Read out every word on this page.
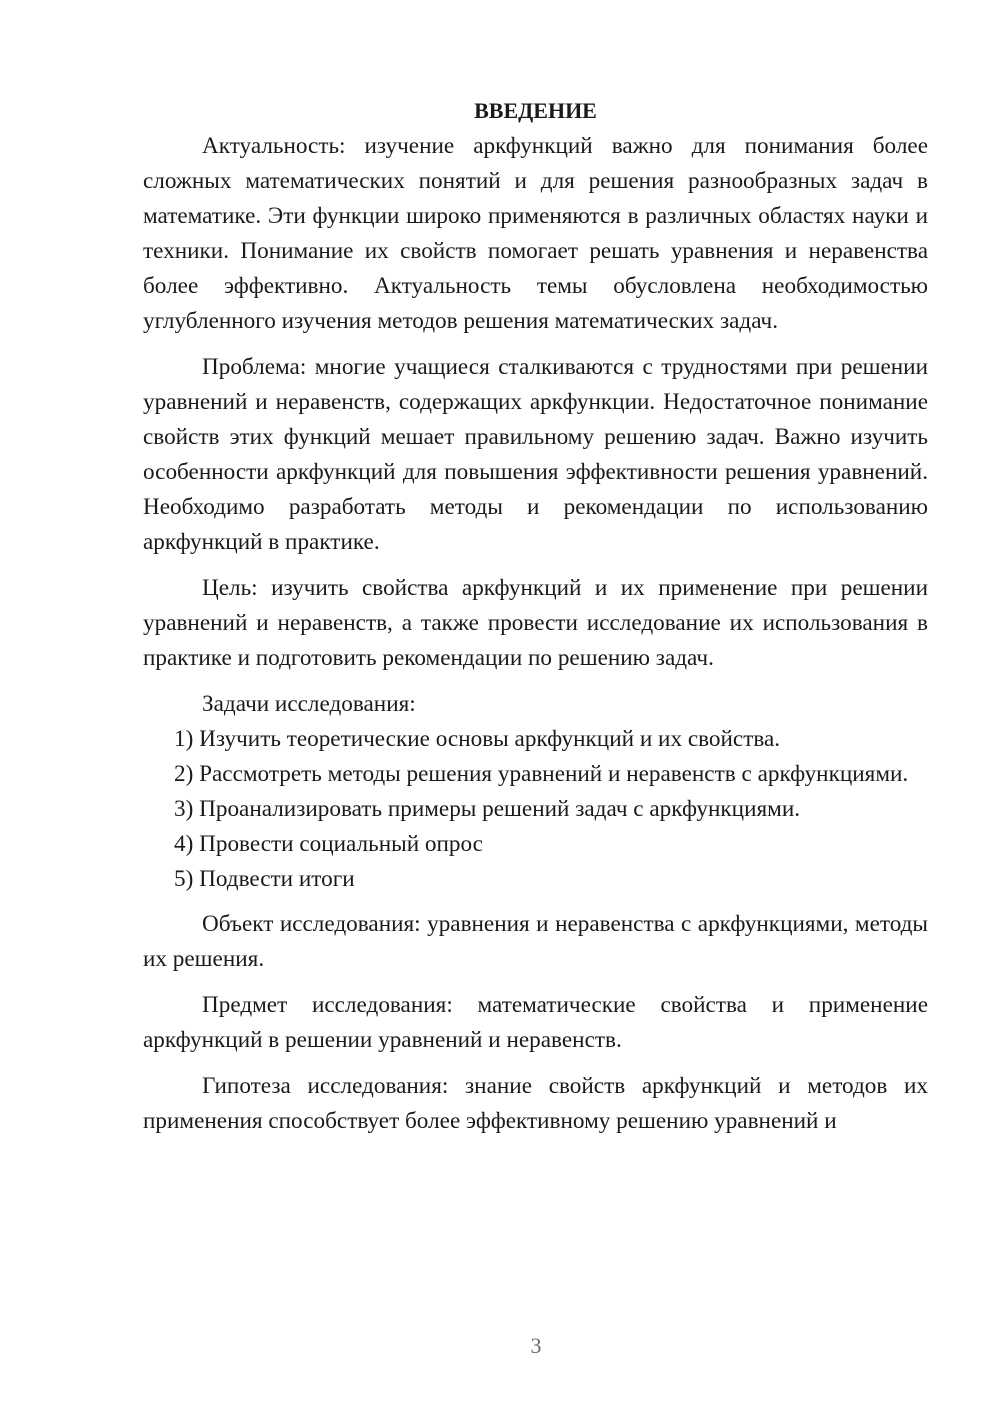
ВВЕДЕНИЕ

Актуальность: изучение аркфункций важно для понимания более сложных математических понятий и для решения разнообразных задач в математике. Эти функции широко применяются в различных областях науки и техники. Понимание их свойств помогает решать уравнения и неравенства более эффективно. Актуальность темы обусловлена необходимостью углубленного изучения методов решения математических задач.

Проблема: многие учащиеся сталкиваются с трудностями при решении уравнений и неравенств, содержащих аркфункции. Недостаточное понимание свойств этих функций мешает правильному решению задач. Важно изучить особенности аркфункций для повышения эффективности решения уравнений. Необходимо разработать методы и рекомендации по использованию аркфункций в практике.

Цель: изучить свойства аркфункций и их применение при решении уравнений и неравенств, а также провести исследование их использования в практике и подготовить рекомендации по решению задач.

Задачи исследования:

1) Изучить теоретические основы аркфункций и их свойства.

2) Рассмотреть методы решения уравнений и неравенств с аркфункциями.

3) Проанализировать примеры решений задач с аркфункциями.

4) Провести социальный опрос

5) Подвести итоги

Объект исследования: уравнения и неравенства с аркфункциями, методы их решения.

Предмет исследования: математические свойства и применение аркфункций в решении уравнений и неравенств.

Гипотеза исследования: знание свойств аркфункций и методов их применения способствует более эффективному решению уравнений и

3
